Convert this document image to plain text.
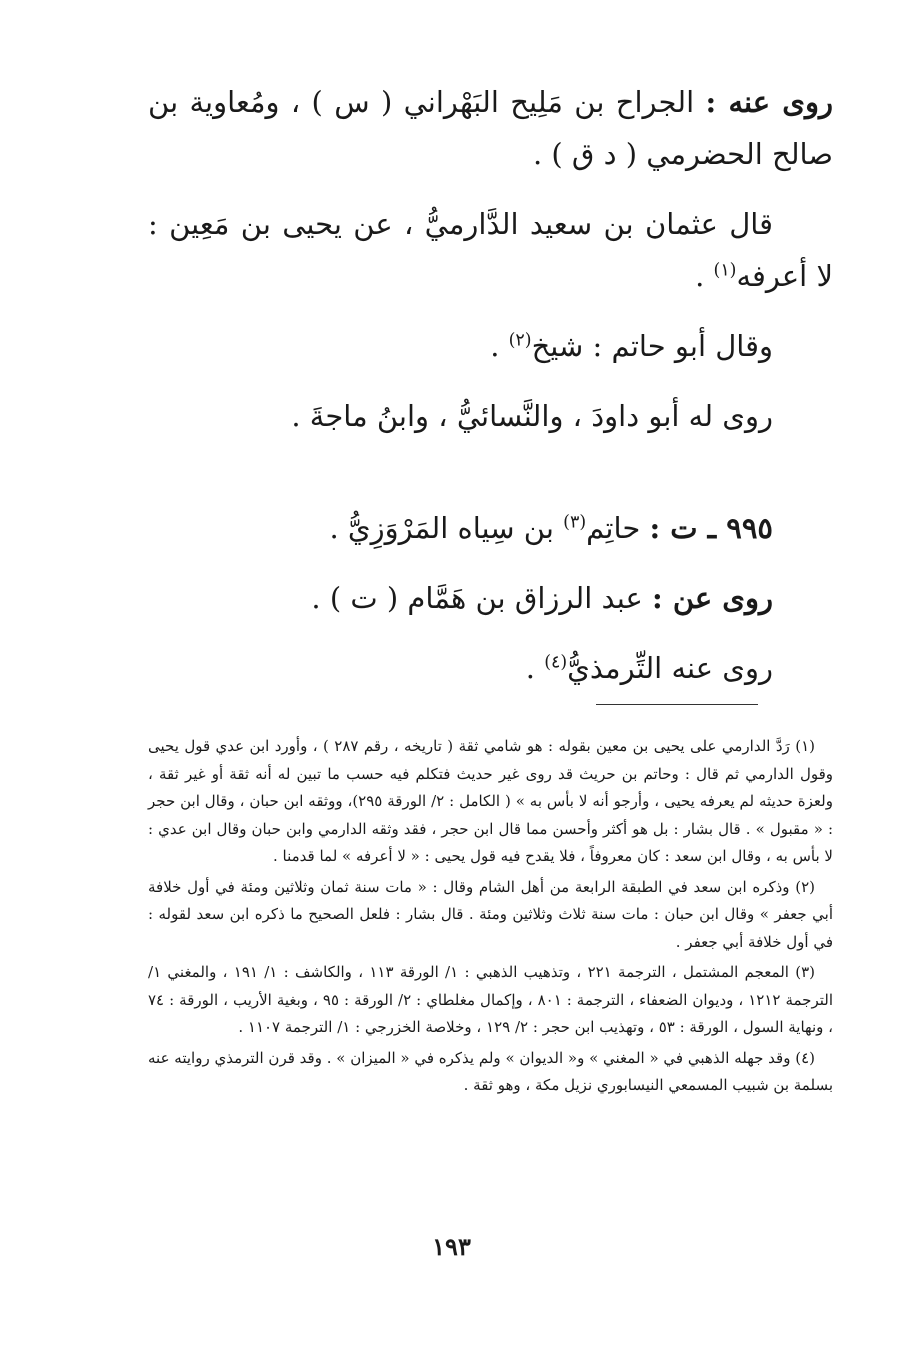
روى عنه : الجراح بن مَلِيح البَهْراني ( س ) ، ومُعاوية بن صالح الحضرمي ( د ق ) .

قال عثمان بن سعيد الدَّارميُّ ، عن يحيى بن مَعِين : لا أعرفه$^{(١)}$ .

وقال أبو حاتم : شيخ$^{(٢)}$ .

روى له أبو داودَ ، والنَّسائيُّ ، وابنُ ماجةَ .

٩٩٥ ـ ت : حاتِم$^{(٣)}$ بن سِياه المَرْوَزِيُّ .

روى عن : عبد الرزاق بن هَمَّام ( ت ) .

روى عنه التِّرمذيُّ$^{(٤)}$ .

(١) رَدَّ الدارمي على يحيى بن معين بقوله : هو شامي ثقة ( تاريخه ، رقم ٢٨٧ ) ، وأورد ابن عدي قول يحيى وقول الدارمي ثم قال : وحاتم بن حريث قد روى غير حديث فتكلم فيه حسب ما تبين له أنه ثقة أو غير ثقة ، ولعزة حديثه لم يعرفه يحيى ، وأرجو أنه لا بأس به » ( الكامل : ٢/ الورقة ٢٩٥)، ووثقه ابن حبان ، وقال ابن حجر : « مقبول » . قال بشار : بل هو أكثر وأحسن مما قال ابن حجر ، فقد وثقه الدارمي وابن حبان وقال ابن عدي : لا بأس به ، وقال ابن سعد : كان معروفاً ، فلا يقدح فيه قول يحيى : « لا أعرفه » لما قدمنا .

(٢) وذكره ابن سعد في الطبقة الرابعة من أهل الشام وقال : « مات سنة ثمان وثلاثين ومئة في أول خلافة أبي جعفر » وقال ابن حبان : مات سنة ثلاث وثلاثين ومئة . قال بشار : فلعل الصحيح ما ذكره ابن سعد لقوله : في أول خلافة أبي جعفر .

(٣) المعجم المشتمل ، الترجمة ٢٢١ ، وتذهيب الذهبي : ١/ الورقة ١١٣ ، والكاشف : ١/ ١٩١ ، والمغني ١/ الترجمة ١٢١٢ ، وديوان الضعفاء ، الترجمة : ٨٠١ ، وإكمال مغلطاي : ٢/ الورقة : ٩٥ ، وبغية الأريب ، الورقة : ٧٤ ، ونهاية السول ، الورقة : ٥٣ ، وتهذيب ابن حجر : ٢/ ١٢٩ ، وخلاصة الخزرجي : ١/ الترجمة ١١٠٧ .

(٤) وقد جهله الذهبي في « المغني » و« الديوان » ولم يذكره في « الميزان » . وقد قرن الترمذي روايته عنه بسلمة بن شبيب المسمعي النيسابوري نزيل مكة ، وهو ثقة .

١٩٣
